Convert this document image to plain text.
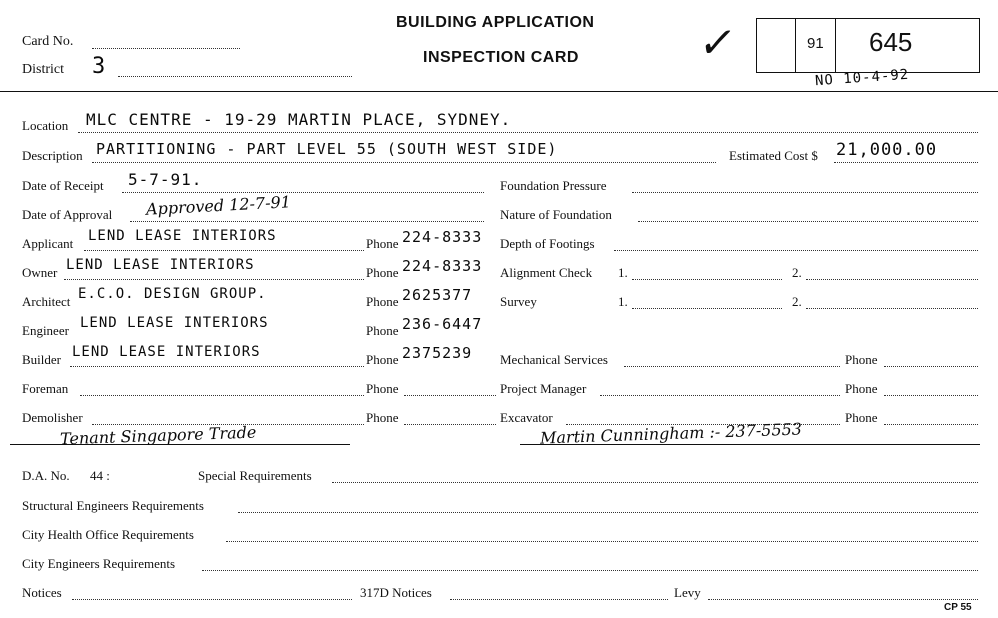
Card No.
District 3
BUILDING APPLICATION
INSPECTION CARD	✓	91 645
NO 10-4-92
Location MLC CENTRE - 19-29 MARTIN PLACE, SYDNEY.
Description PARTITIONING - PART LEVEL 55 (SOUTH WEST SIDE)	Estimated Cost $ 21,000.00
Date of Receipt 5-7-91.	Foundation Pressure
Date of Approval Approved 12-7-91	Nature of Foundation
Applicant LEND LEASE INTERIORS	Phone 224-8333 Depth of Footings
Owner LEND LEASE INTERIORS	Phone 224-8333 Alignment Check 1.	2.
Architect E.C.O. DESIGN GROUP.	Phone 2625377 Survey	1.	2.
Engineer LEND LEASE INTERIORS	Phone 236-6447
Builder LEND LEASE INTERIORS	Phone 2375239 Mechanical Services	Phone
Foreman	Phone	Project Manager	Phone
Demolisher	Phone	Excavator	Phone
Tenant Singapore Trade	Martin Cunningham :- 237-5553
D.A. No. 44 :	Special Requirements
Structural Engineers Requirements
City Health Office Requirements
City Engineers Requirements
Notices	317D Notices	Levy
CP 55
